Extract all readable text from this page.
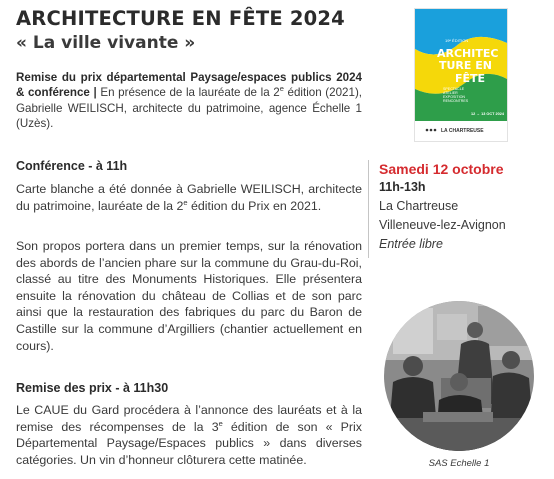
ARCHITECTURE EN FÊTE 2024
« La ville vivante »
Remise du prix départemental Paysage/espaces publics 2024 & conférence | En présence de la lauréate de la 2e édition (2021), Gabrielle WEILISCH, architecte du patrimoine, agence Échelle 1 (Uzès).
Conférence - à 11h

Carte blanche a été donnée à Gabrielle WEILISCH, architecte du patrimoine, lauréate de la 2e édition du Prix en 2021.

Son propos portera dans un premier temps, sur la rénovation des abords de l’ancien phare sur la commune du Grau-du-Roi, classé au titre des Monuments Historiques. Elle présentera ensuite la rénovation du château de Collias et de son parc ainsi que la restauration des fabriques du parc du Baron de Castille sur la commune d’Argilliers (chantier actuellement en cours).

Remise des prix - à 11h30

Le CAUE du Gard procédera à l’annonce des lauréats et à la remise des récompenses de la 3e édition de son « Prix Départemental Paysage/Espaces publics » dans diverses catégories. Un vin d’honneur clôturera cette matinée.

19ᵉ ÉDITION
ARCHITEC
TURE EN
FÊTE
SPECTACLE
ATELIER
EXPOSITION
RENCONTRES
12 → 13 OCT 2024
LA CHARTREUSE
Samedi 12 octobre
11h-13h
La Chartreuse
Villeneuve-lez-Avignon
Entrée libre
SAS Echelle 1
